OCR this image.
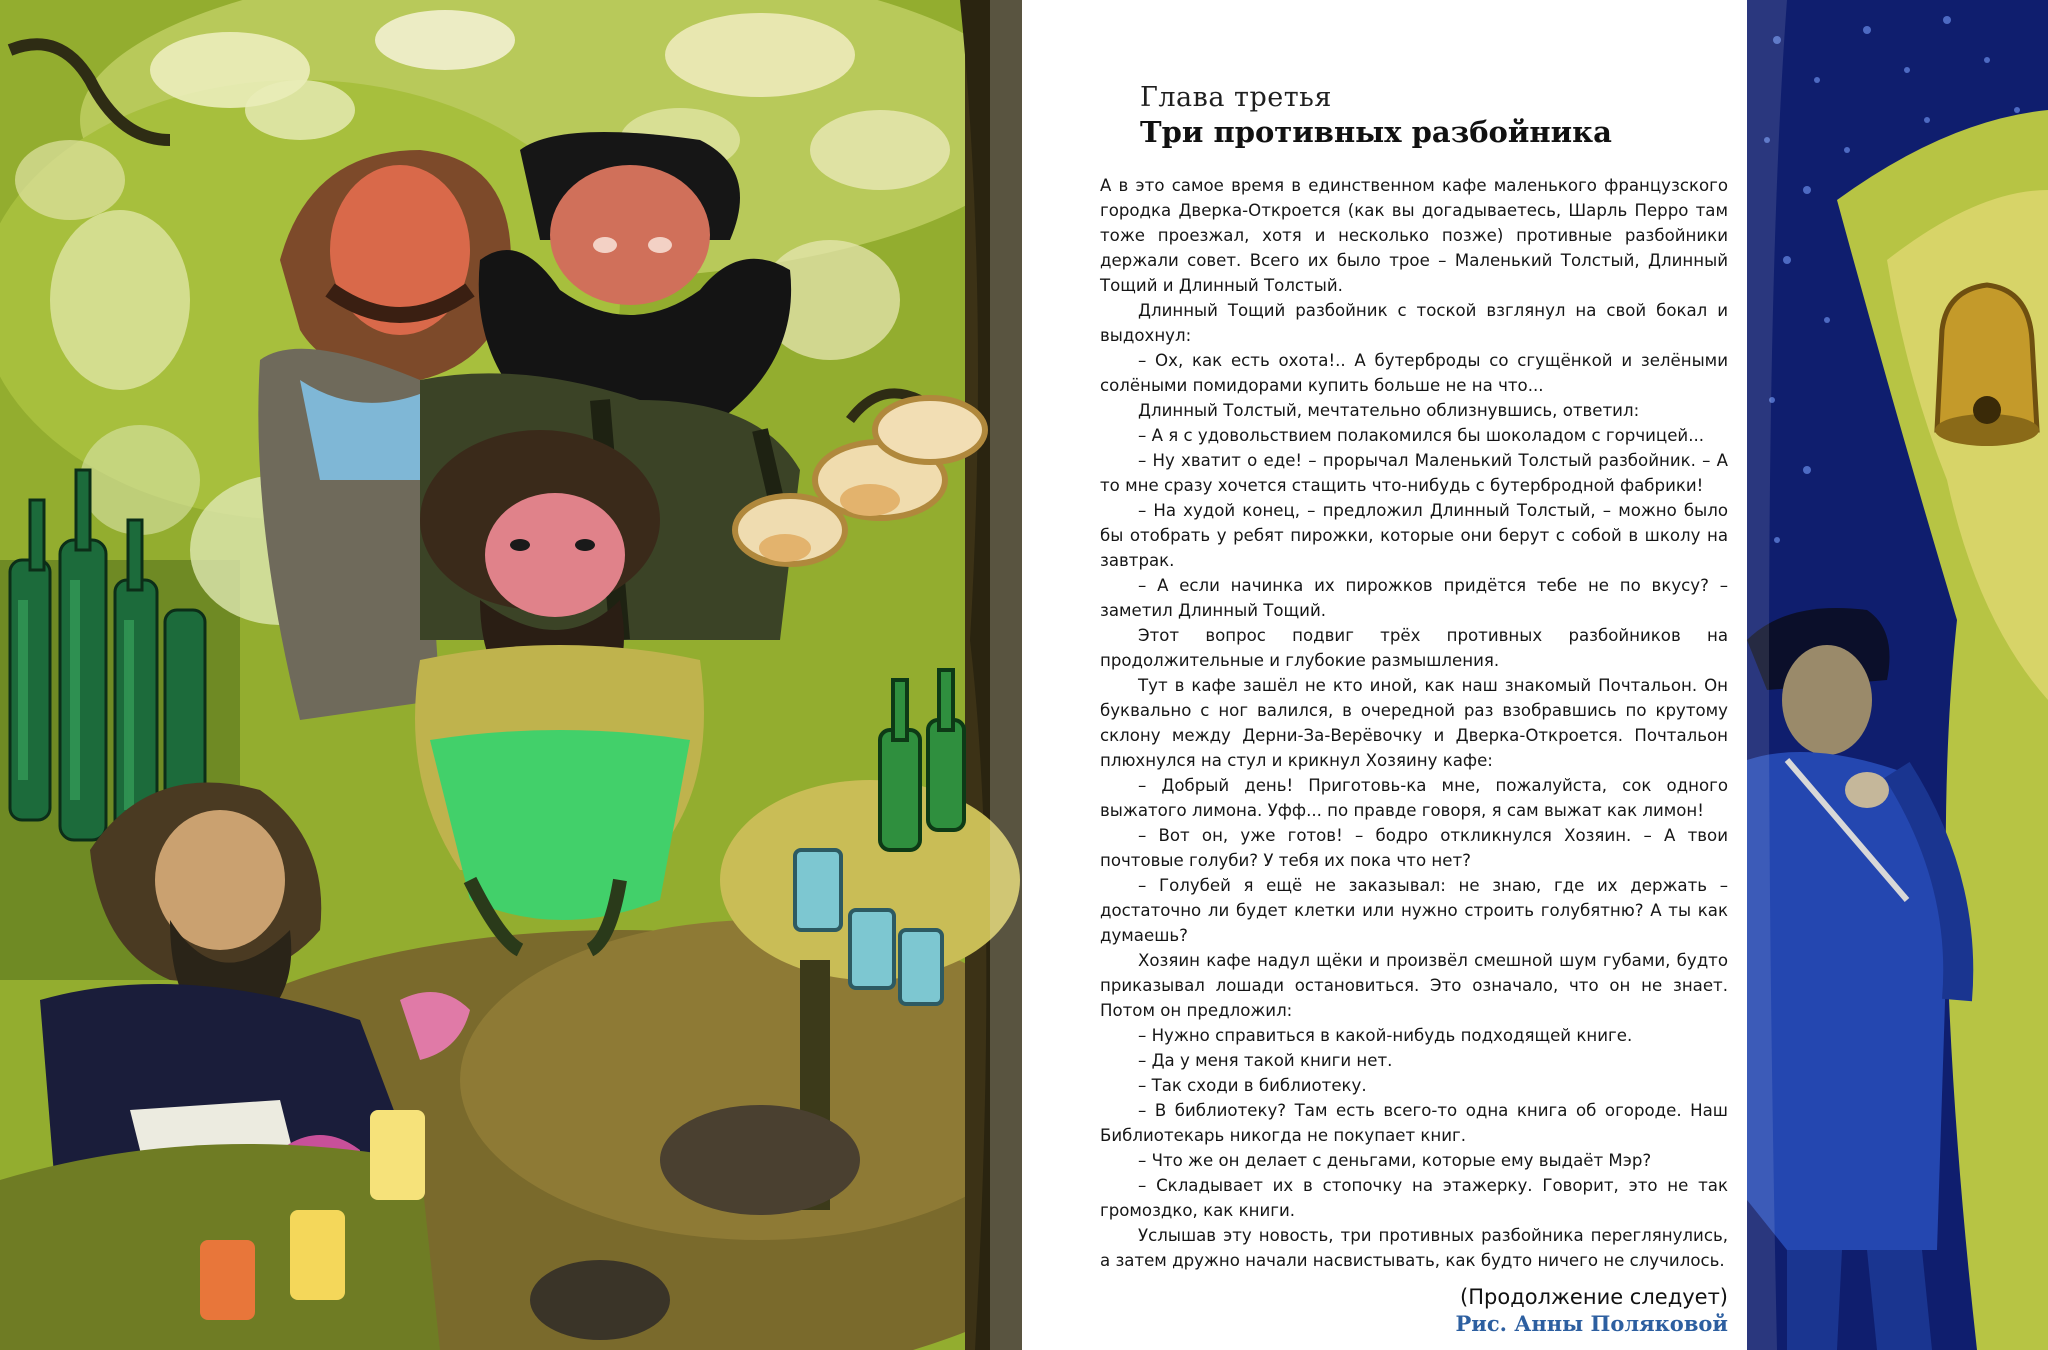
Глава третья
Три противных разбойника

А в это самое время в единственном кафе маленького французского городка Дверка-Откроется (как вы догадываетесь, Шарль Перро там тоже проезжал, хотя и несколько позже) противные разбойники держали совет. Всего их было трое – Маленький Толстый, Длинный Тощий и Длинный Толстый.

Длинный Тощий разбойник с тоской взглянул на свой бокал и выдохнул:

– Ох, как есть охота!.. А бутерброды со сгущёнкой и зелёными солёными помидорами купить больше не на что...

Длинный Толстый, мечтательно облизнувшись, ответил:

– А я с удовольствием полакомился бы шоколадом с горчицей...

– Ну хватит о еде! – прорычал Маленький Толстый разбойник. – А то мне сразу хочется стащить что-нибудь с бутербродной фабрики!

– На худой конец, – предложил Длинный Толстый, – можно было бы отобрать у ребят пирожки, которые они берут с собой в школу на завтрак.

– А если начинка их пирожков придётся тебе не по вкусу? – заметил Длинный Тощий.

Этот вопрос подвиг трёх противных разбойников на продолжительные и глубокие размышления.

Тут в кафе зашёл не кто иной, как наш знакомый Почтальон. Он буквально с ног валился, в очередной раз взобравшись по крутому склону между Дерни-За-Верёвочку и Дверка-Откроется. Почтальон плюхнулся на стул и крикнул Хозяину кафе:

– Добрый день! Приготовь-ка мне, пожалуйста, сок одного выжатого лимона. Уфф... по правде говоря, я сам выжат как лимон!

– Вот он, уже готов! – бодро откликнулся Хозяин. – А твои почтовые голуби? У тебя их пока что нет?

– Голубей я ещё не заказывал: не знаю, где их держать – достаточно ли будет клетки или нужно строить голубятню? А ты как думаешь?

Хозяин кафе надул щёки и произвёл смешной шум губами, будто приказывал лошади остановиться. Это означало, что он не знает. Потом он предложил:

– Нужно справиться в какой-нибудь подходящей книге.

– Да у меня такой книги нет.

– Так сходи в библиотеку.

– В библиотеку? Там есть всего-то одна книга об огороде. Наш Библиотекарь никогда не покупает книг.

– Что же он делает с деньгами, которые ему выдаёт Мэр?

– Складывает их в стопочку на этажерку. Говорит, это не так громоздко, как книги.

Услышав эту новость, три противных разбойника переглянулись, а затем дружно начали насвистывать, как будто ничего не случилось.

(Продолжение следует)
Рис. Анны Поляковой
